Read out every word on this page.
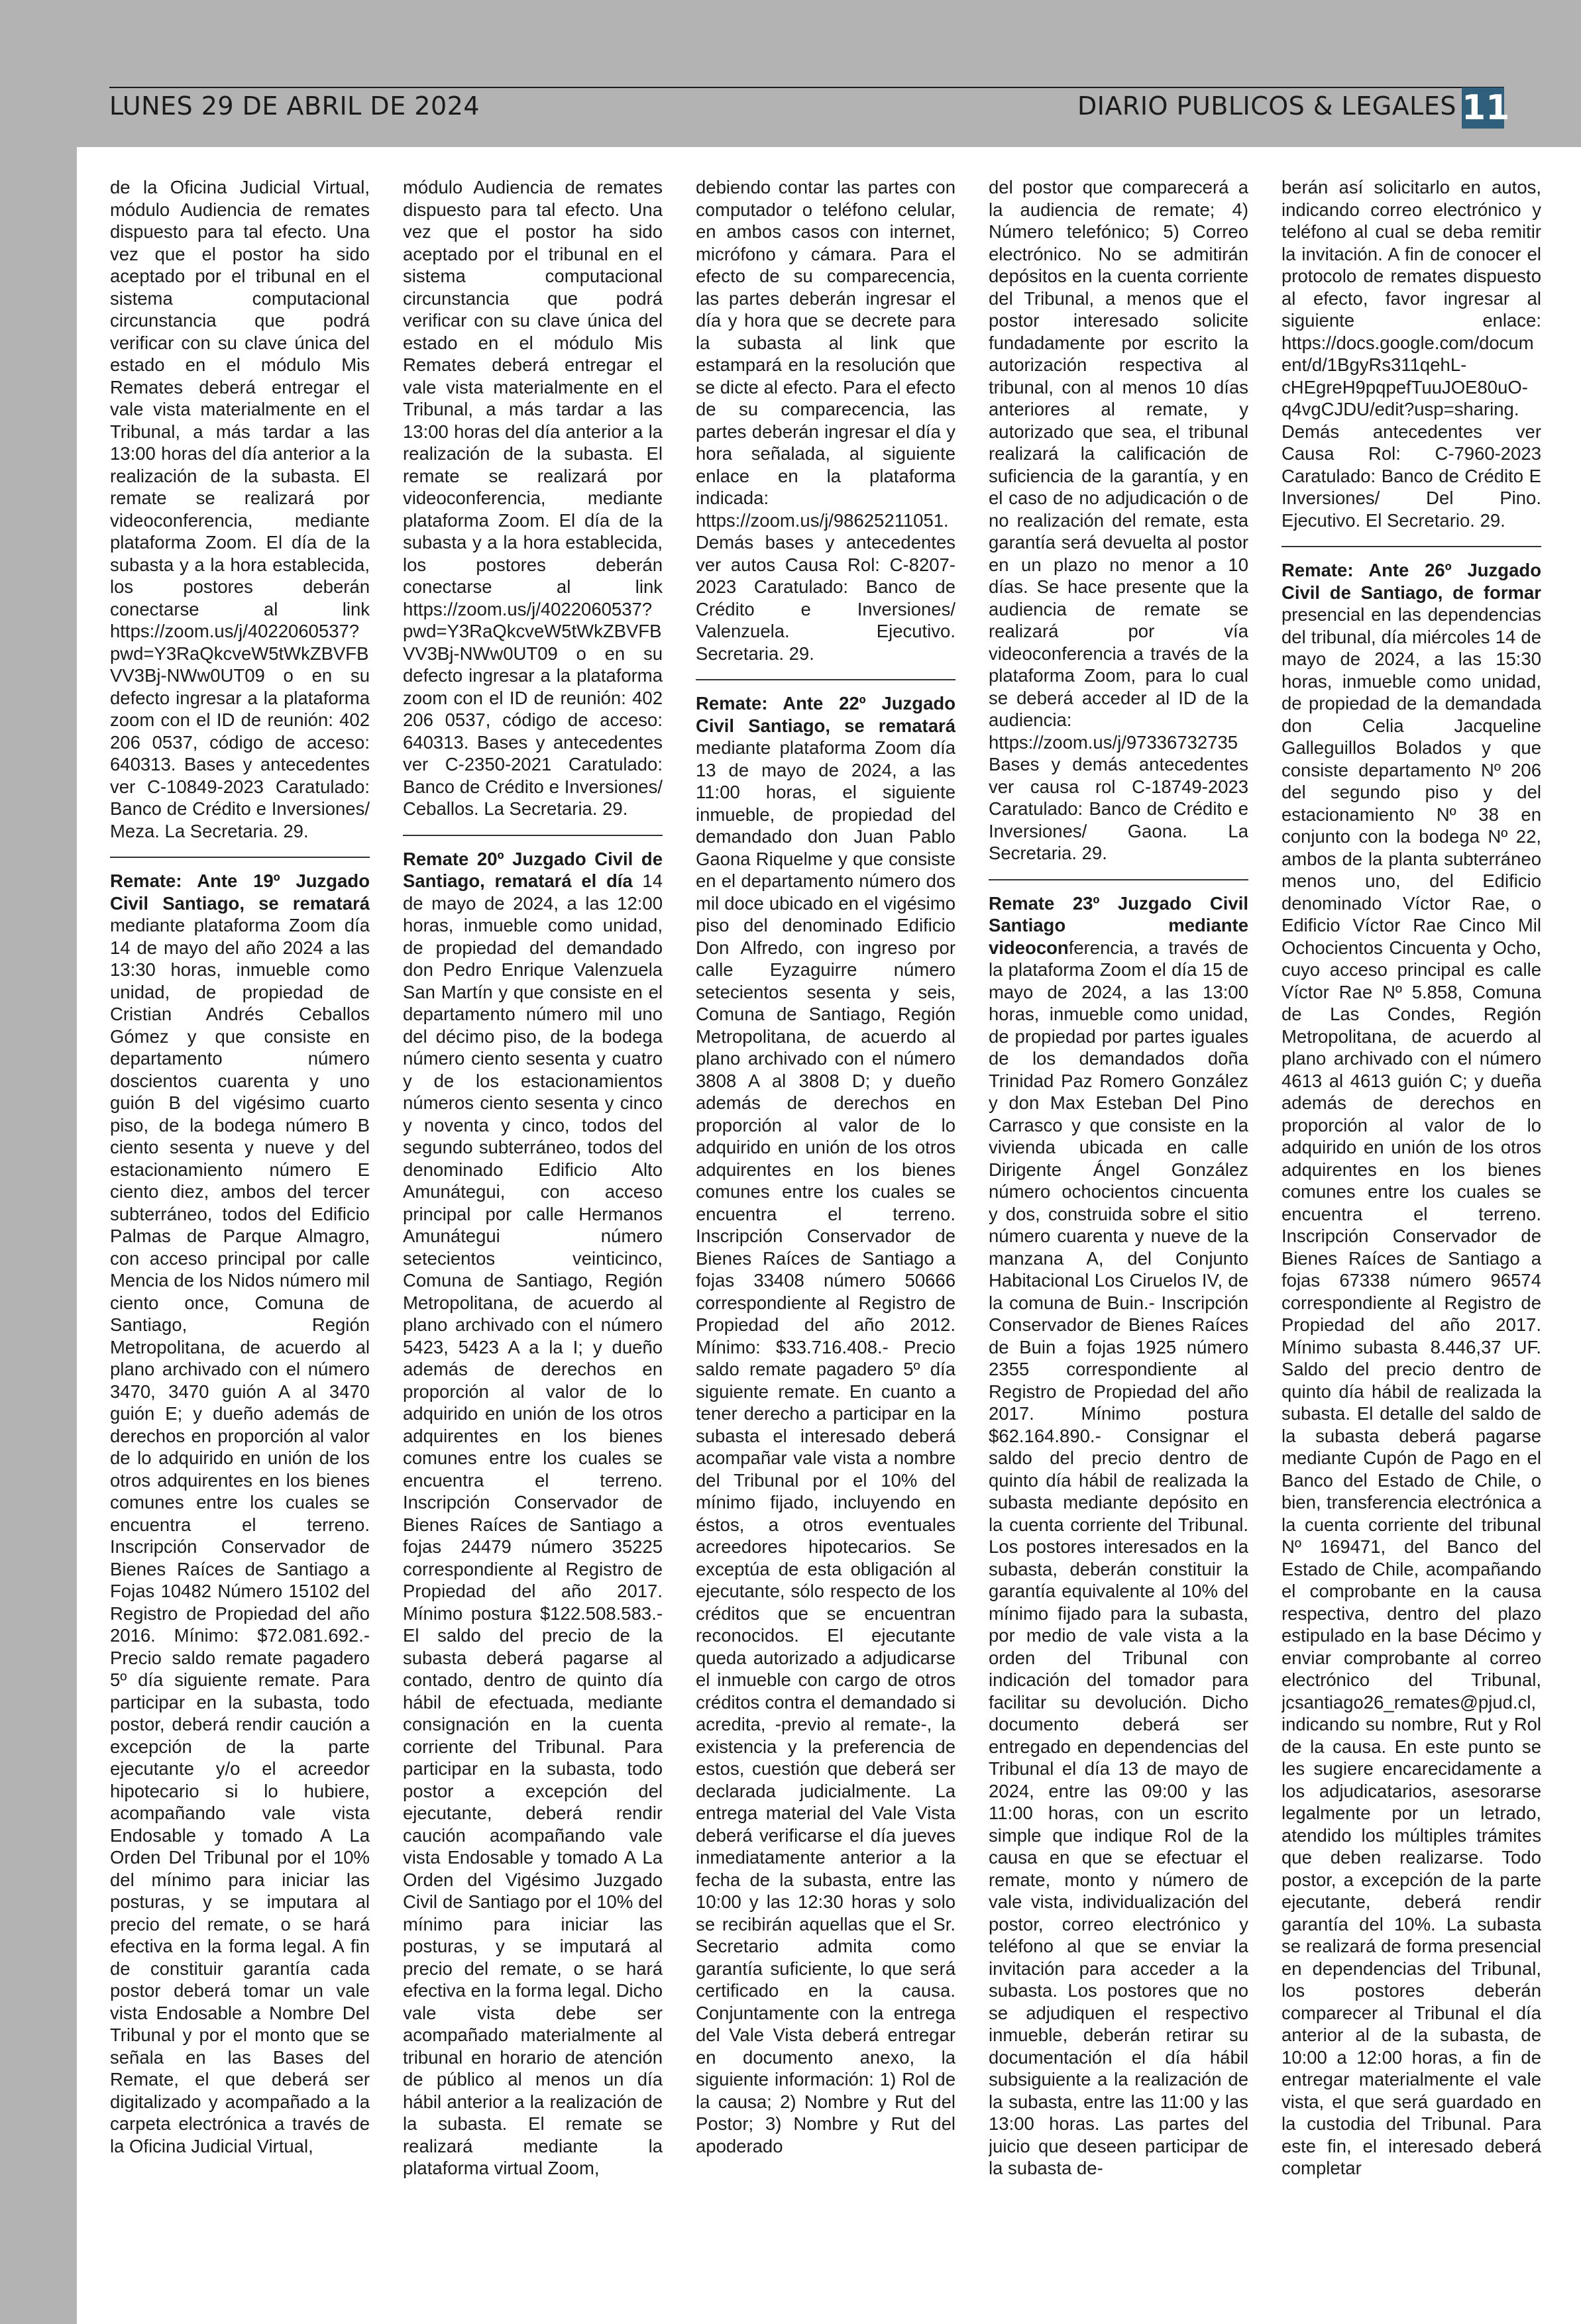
LUNES 29 DE ABRIL DE 2024	DIARIO PUBLICOS & LEGALES 11

de la Oficina Judicial Virtual, módulo Audiencia de remates dispuesto para tal efecto. Una vez que el postor ha sido aceptado por el tribunal en el sistema computacional circunstancia que podrá verificar con su clave única del estado en el módulo Mis Remates deberá entregar el vale vista materialmente en el Tribunal, a más tardar a las 13:00 horas del día anterior a la realización de la subasta. El remate se realizará por videoconferencia, mediante plataforma Zoom. El día de la subasta y a la hora establecida, los postores deberán conectarse al link https://zoom.us/j/4022060537?pwd=Y3RaQkcveW5tWkZBVFBVV3Bj-NWw0UT09 o en su defecto ingresar a la plataforma zoom con el ID de reunión: 402 206 0537, código de acceso: 640313. Bases y antecedentes ver C-10849-2023 Caratulado: Banco de Crédito e Inversiones/ Meza. La Secretaria. 29.

Remate: Ante 19º Juzgado Civil Santiago, se rematará mediante plataforma Zoom día 14 de mayo del año 2024 a las 13:30 horas, inmueble como unidad, de propiedad de Cristian Andrés Ceballos Gómez y que consiste en departamento número doscientos cuarenta y uno guión B del vigésimo cuarto piso, de la bodega número B ciento sesenta y nueve y del estacionamiento número E ciento diez, ambos del tercer subterráneo, todos del Edificio Palmas de Parque Almagro, con acceso principal por calle Mencia de los Nidos número mil ciento once, Comuna de Santiago, Región Metropolitana, de acuerdo al plano archivado con el número 3470, 3470 guión A al 3470 guión E; y dueño además de derechos en proporción al valor de lo adquirido en unión de los otros adquirentes en los bienes comunes entre los cuales se encuentra el terreno. Inscripción Conservador de Bienes Raíces de Santiago a Fojas 10482 Número 15102 del Registro de Propiedad del año 2016. Mínimo: $72.081.692.- Precio saldo remate pagadero 5º día siguiente remate. Para participar en la subasta, todo postor, deberá rendir caución a excepción de la parte ejecutante y/o el acreedor hipotecario si lo hubiere, acompañando vale vista Endosable y tomado A La Orden Del Tribunal por el 10% del mínimo para iniciar las posturas, y se imputara al precio del remate, o se hará efectiva en la forma legal. A fin de constituir garantía cada postor deberá tomar un vale vista Endosable a Nombre Del Tribunal y por el monto que se señala en las Bases del Remate, el que deberá ser digitalizado y acompañado a la carpeta electrónica a través de la Oficina Judicial Virtual,

módulo Audiencia de remates dispuesto para tal efecto. Una vez que el postor ha sido aceptado por el tribunal en el sistema computacional circunstancia que podrá verificar con su clave única del estado en el módulo Mis Remates deberá entregar el vale vista materialmente en el Tribunal, a más tardar a las 13:00 horas del día anterior a la realización de la subasta. El remate se realizará por videoconferencia, mediante plataforma Zoom. El día de la subasta y a la hora establecida, los postores deberán conectarse al link https://zoom.us/j/4022060537?pwd=Y3RaQkcveW5tWkZBVFBVV3Bj-NWw0UT09 o en su defecto ingresar a la plataforma zoom con el ID de reunión: 402 206 0537, código de acceso: 640313. Bases y antecedentes ver C-2350-2021 Caratulado: Banco de Crédito e Inversiones/ Ceballos. La Secretaria. 29.

Remate 20º Juzgado Civil de Santiago, rematará el día 14 de mayo de 2024, a las 12:00 horas, inmueble como unidad, de propiedad del demandado don Pedro Enrique Valenzuela San Martín y que consiste en el departamento número mil uno del décimo piso, de la bodega número ciento sesenta y cuatro y de los estacionamientos números ciento sesenta y cinco y noventa y cinco, todos del segundo subterráneo, todos del denominado Edificio Alto Amunátegui, con acceso principal por calle Hermanos Amunátegui número setecientos veinticinco, Comuna de Santiago, Región Metropolitana, de acuerdo al plano archivado con el número 5423, 5423 A a la I; y dueño además de derechos en proporción al valor de lo adquirido en unión de los otros adquirentes en los bienes comunes entre los cuales se encuentra el terreno. Inscripción Conservador de Bienes Raíces de Santiago a fojas 24479 número 35225 correspondiente al Registro de Propiedad del año 2017. Mínimo postura $122.508.583.- El saldo del precio de la subasta deberá pagarse al contado, dentro de quinto día hábil de efectuada, mediante consignación en la cuenta corriente del Tribunal. Para participar en la subasta, todo postor a excepción del ejecutante, deberá rendir caución acompañando vale vista Endosable y tomado A La Orden del Vigésimo Juzgado Civil de Santiago por el 10% del mínimo para iniciar las posturas, y se imputará al precio del remate, o se hará efectiva en la forma legal. Dicho vale vista debe ser acompañado materialmente al tribunal en horario de atención de público al menos un día hábil anterior a la realización de la subasta. El remate se realizará mediante la plataforma virtual Zoom,

debiendo contar las partes con computador o teléfono celular, en ambos casos con internet, micrófono y cámara. Para el efecto de su comparecencia, las partes deberán ingresar el día y hora que se decrete para la subasta al link que estampará en la resolución que se dicte al efecto. Para el efecto de su comparecencia, las partes deberán ingresar el día y hora señalada, al siguiente enlace en la plataforma indicada: https://zoom.us/j/98625211051. Demás bases y antecedentes ver autos Causa Rol: C-8207-2023 Caratulado: Banco de Crédito e Inversiones/ Valenzuela. Ejecutivo. Secretaria. 29.

Remate: Ante 22º Juzgado Civil Santiago, se rematará mediante plataforma Zoom día 13 de mayo de 2024, a las 11:00 horas, el siguiente inmueble, de propiedad del demandado don Juan Pablo Gaona Riquelme y que consiste en el departamento número dos mil doce ubicado en el vigésimo piso del denominado Edificio Don Alfredo, con ingreso por calle Eyzaguirre número setecientos sesenta y seis, Comuna de Santiago, Región Metropolitana, de acuerdo al plano archivado con el número 3808 A al 3808 D; y dueño además de derechos en proporción al valor de lo adquirido en unión de los otros adquirentes en los bienes comunes entre los cuales se encuentra el terreno. Inscripción Conservador de Bienes Raíces de Santiago a fojas 33408 número 50666 correspondiente al Registro de Propiedad del año 2012. Mínimo: $33.716.408.- Precio saldo remate pagadero 5º día siguiente remate. En cuanto a tener derecho a participar en la subasta el interesado deberá acompañar vale vista a nombre del Tribunal por el 10% del mínimo fijado, incluyendo en éstos, a otros eventuales acreedores hipotecarios. Se exceptúa de esta obligación al ejecutante, sólo respecto de los créditos que se encuentran reconocidos. El ejecutante queda autorizado a adjudicarse el inmueble con cargo de otros créditos contra el demandado si acredita, -previo al remate-, la existencia y la preferencia de estos, cuestión que deberá ser declarada judicialmente. La entrega material del Vale Vista deberá verificarse el día jueves inmediatamente anterior a la fecha de la subasta, entre las 10:00 y las 12:30 horas y solo se recibirán aquellas que el Sr. Secretario admita como garantía suficiente, lo que será certificado en la causa. Conjuntamente con la entrega del Vale Vista deberá entregar en documento anexo, la siguiente información: 1) Rol de la causa; 2) Nombre y Rut del Postor; 3) Nombre y Rut del apoderado

del postor que comparecerá a la audiencia de remate; 4) Número telefónico; 5) Correo electrónico. No se admitirán depósitos en la cuenta corriente del Tribunal, a menos que el postor interesado solicite fundadamente por escrito la autorización respectiva al tribunal, con al menos 10 días anteriores al remate, y autorizado que sea, el tribunal realizará la calificación de suficiencia de la garantía, y en el caso de no adjudicación o de no realización del remate, esta garantía será devuelta al postor en un plazo no menor a 10 días. Se hace presente que la audiencia de remate se realizará por vía videoconferencia a través de la plataforma Zoom, para lo cual se deberá acceder al ID de la audiencia: https://zoom.us/j/97336732735 Bases y demás antecedentes ver causa rol C-18749-2023 Caratulado: Banco de Crédito e Inversiones/ Gaona. La Secretaria. 29.

Remate 23º Juzgado Civil Santiago mediante videoconferencia, a través de la plataforma Zoom el día 15 de mayo de 2024, a las 13:00 horas, inmueble como unidad, de propiedad por partes iguales de los demandados doña Trinidad Paz Romero González y don Max Esteban Del Pino Carrasco y que consiste en la vivienda ubicada en calle Dirigente Ángel González número ochocientos cincuenta y dos, construida sobre el sitio número cuarenta y nueve de la manzana A, del Conjunto Habitacional Los Ciruelos IV, de la comuna de Buin.- Inscripción Conservador de Bienes Raíces de Buin a fojas 1925 número 2355 correspondiente al Registro de Propiedad del año 2017. Mínimo postura $62.164.890.- Consignar el saldo del precio dentro de quinto día hábil de realizada la subasta mediante depósito en la cuenta corriente del Tribunal. Los postores interesados en la subasta, deberán constituir la garantía equivalente al 10% del mínimo fijado para la subasta, por medio de vale vista a la orden del Tribunal con indicación del tomador para facilitar su devolución. Dicho documento deberá ser entregado en dependencias del Tribunal el día 13 de mayo de 2024, entre las 09:00 y las 11:00 horas, con un escrito simple que indique Rol de la causa en que se efectuar el remate, monto y número de vale vista, individualización del postor, correo electrónico y teléfono al que se enviar la invitación para acceder a la subasta. Los postores que no se adjudiquen el respectivo inmueble, deberán retirar su documentación el día hábil subsiguiente a la realización de la subasta, entre las 11:00 y las 13:00 horas. Las partes del juicio que deseen participar de la subasta de-

berán así solicitarlo en autos, indicando correo electrónico y teléfono al cual se deba remitir la invitación. A fin de conocer el protocolo de remates dispuesto al efecto, favor ingresar al siguiente enlace: https://docs.google.com/document/d/1BgyRs311qehL-cHEgreH9pqpefTuuJOE80uO-q4vgCJDU/edit?usp=sharing. Demás antecedentes ver Causa Rol: C-7960-2023 Caratulado: Banco de Crédito E Inversiones/ Del Pino. Ejecutivo. El Secretario. 29.

Remate: Ante 26º Juzgado Civil de Santiago, de formar presencial en las dependencias del tribunal, día miércoles 14 de mayo de 2024, a las 15:30 horas, inmueble como unidad, de propiedad de la demandada don Celia Jacqueline Galleguillos Bolados y que consiste departamento Nº 206 del segundo piso y del estacionamiento Nº 38 en conjunto con la bodega Nº 22, ambos de la planta subterráneo menos uno, del Edificio denominado Víctor Rae, o Edificio Víctor Rae Cinco Mil Ochocientos Cincuenta y Ocho, cuyo acceso principal es calle Víctor Rae Nº 5.858, Comuna de Las Condes, Región Metropolitana, de acuerdo al plano archivado con el número 4613 al 4613 guión C; y dueña además de derechos en proporción al valor de lo adquirido en unión de los otros adquirentes en los bienes comunes entre los cuales se encuentra el terreno. Inscripción Conservador de Bienes Raíces de Santiago a fojas 67338 número 96574 correspondiente al Registro de Propiedad del año 2017. Mínimo subasta 8.446,37 UF. Saldo del precio dentro de quinto día hábil de realizada la subasta. El detalle del saldo de la subasta deberá pagarse mediante Cupón de Pago en el Banco del Estado de Chile, o bien, transferencia electrónica a la cuenta corriente del tribunal Nº 169471, del Banco del Estado de Chile, acompañando el comprobante en la causa respectiva, dentro del plazo estipulado en la base Décimo y enviar comprobante al correo electrónico del Tribunal, jcsantiago26_remates@pjud.cl, indicando su nombre, Rut y Rol de la causa. En este punto se les sugiere encarecidamente a los adjudicatarios, asesorarse legalmente por un letrado, atendido los múltiples trámites que deben realizarse. Todo postor, a excepción de la parte ejecutante, deberá rendir garantía del 10%. La subasta se realizará de forma presencial en dependencias del Tribunal, los postores deberán comparecer al Tribunal el día anterior al de la subasta, de 10:00 a 12:00 horas, a fin de entregar materialmente el vale vista, el que será guardado en la custodia del Tribunal. Para este fin, el interesado deberá completar
